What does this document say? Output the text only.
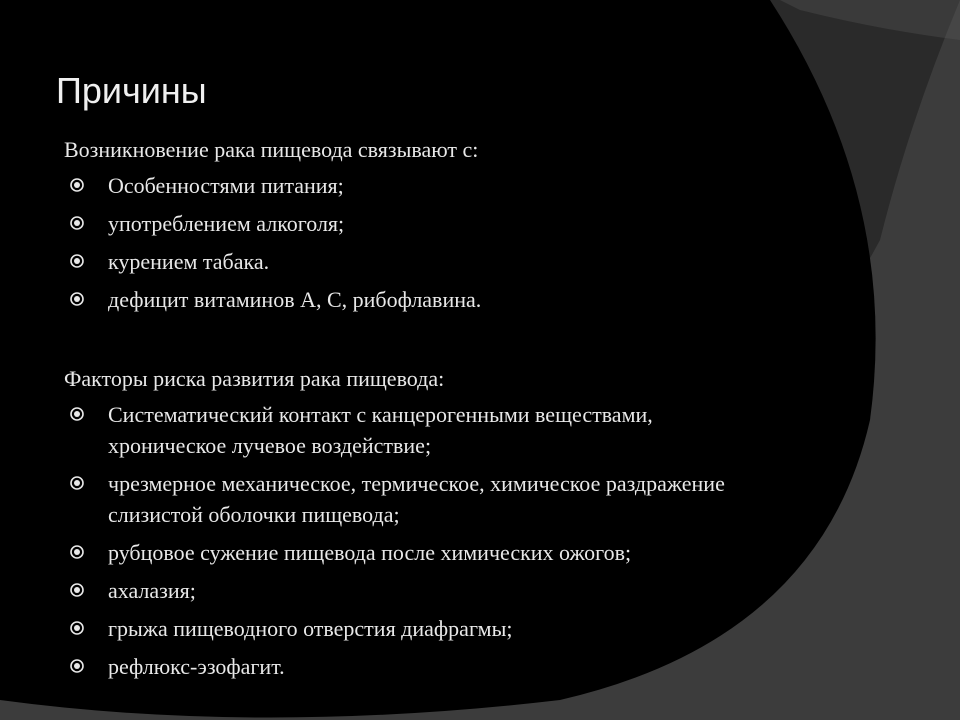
Причины
Возникновение рака пищевода связывают с:
Особенностями питания;
употреблением алкоголя;
курением табака.
дефицит витаминов А, С, рибофлавина.
Факторы риска развития рака пищевода:
Систематический контакт с канцерогенными веществами,
хроническое лучевое воздействие;
чрезмерное механическое, термическое, химическое раздражение
слизистой оболочки пищевода;
рубцовое сужение пищевода после химических ожогов;
ахалазия;
грыжа пищеводного отверстия диафрагмы;
рефлюкс-эзофагит.
